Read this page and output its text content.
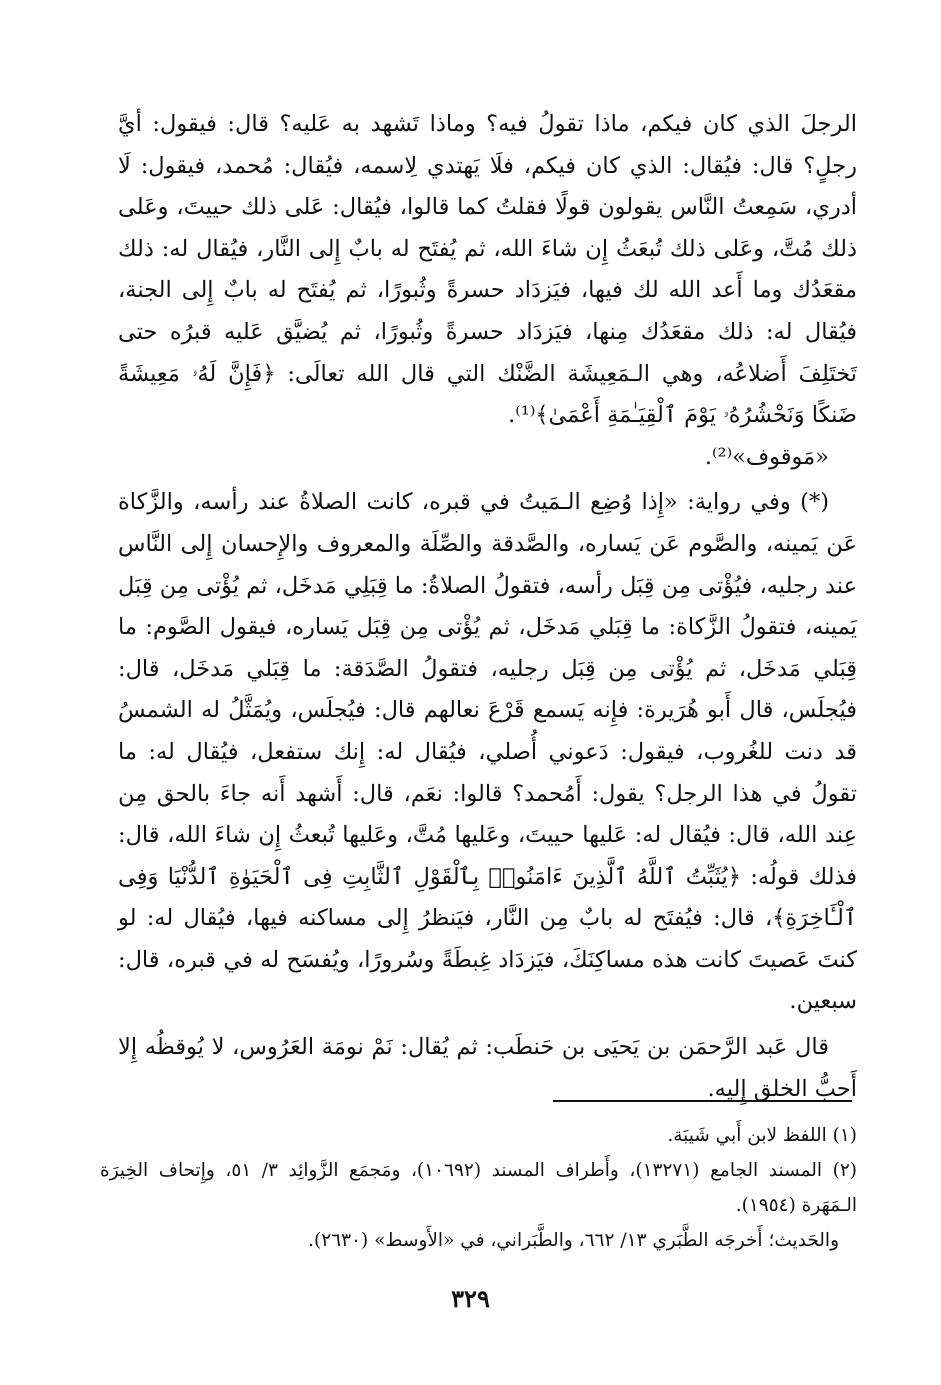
الرجلَ الذي كان فيكم، ماذا تقولُ فيه؟ وماذا تَشهد به عَليه؟ قال: فيقول: أيَّ رجلٍ؟ قال: فيُقال: الذي كان فيكم، فلَا يَهتدي لِاسمه، فيُقال: مُحمد، فيقول: لَا أدري، سَمِعتُ النَّاس يقولون قولًا فقلتُ كما قالوا، فيُقال: عَلى ذلك حييتَ، وعَلى ذلك مُتَّ، وعَلى ذلك تُبعَثُ إِن شاءَ الله، ثم يُفتَح له بابٌ إِلى النَّار، فيُقال له: ذلك مقعَدُك وما أَعد الله لك فيها، فيَزدَاد حسرةً وثُبورًا، ثم يُفتَح له بابٌ إِلى الجنة، فيُقال له: ذلك مقعَدُك مِنها، فيَزدَاد حسرةً وثُبورًا، ثم يُضيَّق عَليه قبرُه حتى تَختَلِفَ أَضلاعُه، وهي الـمَعِيشَة الضَّنْك التي قال الله تعالَى: ﴿فَإِنَّ لَهُۥ مَعِيشَةً ضَنكًا وَنَحْشُرُهُۥ يَوْمَ ٱلْقِيَـٰمَةِ أَعْمَىٰ﴾⁽¹⁾.

«مَوقوف»⁽²⁾.

(*) وفي رواية: «إِذا وُضِع الـمَيتُ في قبره، كانت الصلاةُ عند رأسه، والزَّكاة عَن يَمينه، والصَّوم عَن يَساره، والصَّدقة والصِّلَة والمعروف والإِحسان إِلى النَّاس عند رجليه، فيُؤْتى مِن قِبَل رأسه، فتقولُ الصلاةُ: ما قِبَلِي مَدخَل، ثم يُؤْتى مِن قِبَل يَمينه، فتقولُ الزَّكاة: ما قِبَلي مَدخَل، ثم يُؤْتى مِن قِبَل يَساره، فيقول الصَّوم: ما قِبَلي مَدخَل، ثم يُؤْتى مِن قِبَل رجليه، فتقولُ الصَّدَقة: ما قِبَلي مَدخَل، قال: فيُجلَس، قال أَبو هُرَيرة: فإِنه يَسمع قَرْعَ نعالهم قال: فيُجلَس، ويُمَثَّلُ له الشمسُ قد دنت للغُروب، فيقول: دَعوني أُصلي، فيُقال له: إِنك ستفعل، فيُقال له: ما تقولُ في هذا الرجل؟ يقول: أَمُحمد؟ قالوا: نعَم، قال: أَشهد أَنه جاءَ بالحق مِن عِند الله، قال: فيُقال له: عَليها حييتَ، وعَليها مُتَّ، وعَليها تُبعثُ إِن شاءَ الله، قال: فذلك قولُه: ﴿يُثَبِّتُ ٱللَّهُ ٱلَّذِينَ ءَامَنُوا۟ بِٱلْقَوْلِ ٱلثَّابِتِ فِى ٱلْحَيَوٰةِ ٱلدُّنْيَا وَفِى ٱلْـَٔاخِرَةِ﴾، قال: فيُفتَح له بابٌ مِن النَّار، فيَنظرُ إِلى مساكنه فيها، فيُقال له: لو كنتَ عَصيتَ كانت هذه مساكِنَكَ، فيَزدَاد غِبطَةً وسُرورًا، ويُفسَح له في قبره، قال: سبعين.

قال عَبد الرَّحمَن بن يَحيَى بن حَنطَب: ثم يُقال: نَمْ نومَة العَرُوس، لا يُوقظُه إِلا أَحبُّ الخلق إِليه.

(١) اللفظ لابن أَبي شَيبَة.

(٢) المسند الجامع (١٣٢٧١)، وأَطراف المسند (١٠٦٩٢)، ومَجمَع الزَّوائِد ٣/ ٥١، وإِتحاف الخِيرَة الـمَهَرة (١٩٥٤).

والحَديث؛ أَخرجَه الطَّبَري ١٣/ ٦٦٢، والطَّبَراني، في «الأَوسط» (٢٦٣٠).

٣٢٩
